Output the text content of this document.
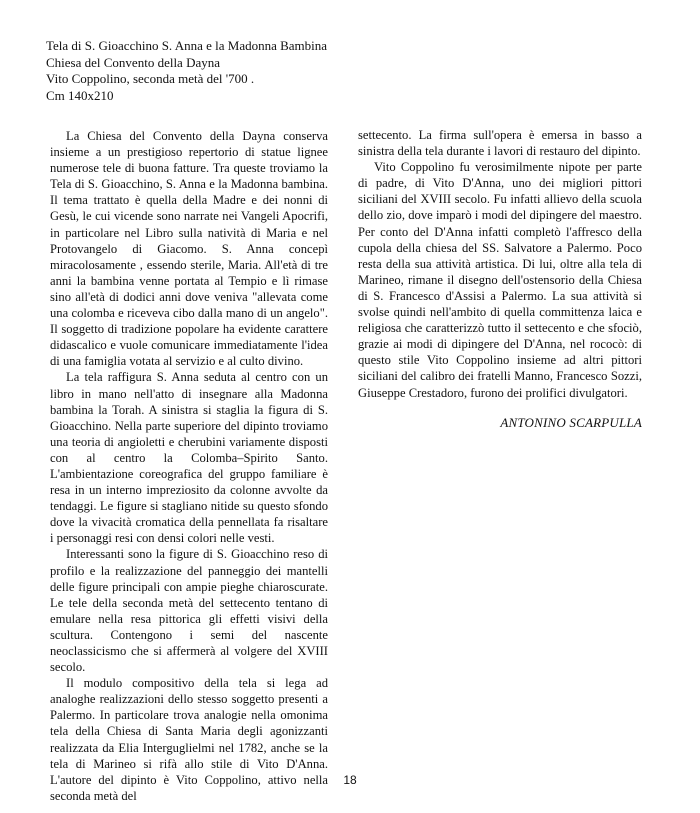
Tela di S. Gioacchino S. Anna e la Madonna Bambina
Chiesa del Convento della Dayna
Vito Coppolino, seconda metà del '700 .
Cm 140x210

La Chiesa del Convento della Dayna conserva insieme a un prestigioso repertorio di statue lignee numerose tele di buona fatture. Tra queste troviamo la Tela di S. Gioacchino, S. Anna e la Madonna bambina. Il tema trattato è quella della Madre e dei nonni di Gesù, le cui vicende sono narrate nei Vangeli Apocrifi, in particolare nel Libro sulla natività di Maria e nel Protovangelo di Giacomo. S. Anna concepì miracolosamente , essendo sterile, Maria. All'età di tre anni la bambina venne portata al Tempio e lì rimase sino all'età di dodici anni dove veniva "allevata come una colomba e riceveva cibo dalla mano di un angelo". Il soggetto di tradizione popolare ha evidente carattere didascalico e vuole comunicare immediatamente l'idea di una famiglia votata al servizio e al culto divino.

La tela raffigura S. Anna seduta al centro con un libro in mano nell'atto di insegnare alla Madonna bambina la Torah. A sinistra si staglia la figura di S. Gioacchino. Nella parte superiore del dipinto troviamo una teoria di angioletti e cherubini variamente disposti con al centro la Colomba–Spirito Santo. L'ambientazione coreografica del gruppo familiare è resa in un interno impreziosito da colonne avvolte da tendaggi. Le figure si stagliano nitide su questo sfondo dove la vivacità cromatica della pennellata fa risaltare i personaggi resi con densi colori nelle vesti.

Interessanti sono la figure di S. Gioacchino reso di profilo e la realizzazione del panneggio dei mantelli delle figure principali con ampie pieghe chiaroscurate. Le tele della seconda metà del settecento tentano di emulare nella resa pittorica gli effetti visivi della scultura. Contengono i semi del nascente neoclassicismo che si affermerà al volgere del XVIII secolo.

Il modulo compositivo della tela si lega ad analoghe realizzazioni dello stesso soggetto presenti a Palermo. In particolare trova analogie nella omonima tela della Chiesa di Santa Maria degli agonizzanti realizzata da Elia Interguglielmi nel 1782, anche se la tela di Marineo si rifà allo stile di Vito D'Anna. L'autore del dipinto è Vito Coppolino, attivo nella seconda metà del

settecento. La firma sull'opera è emersa in basso a sinistra della tela durante i lavori di restauro del dipinto.

Vito Coppolino fu verosimilmente nipote per parte di padre, di Vito D'Anna, uno dei migliori pittori siciliani del XVIII secolo. Fu infatti allievo della scuola dello zio, dove imparò i modi del dipingere del maestro. Per conto del D'Anna infatti completò l'affresco della cupola della chiesa del SS. Salvatore a Palermo. Poco resta della sua attività artistica. Di lui, oltre alla tela di Marineo, rimane il disegno dell'ostensorio della Chiesa di S. Francesco d'Assisi a Palermo. La sua attività si svolse quindi nell'ambito di quella committenza laica e religiosa che caratterizzò tutto il settecento e che sfociò, grazie ai modi di dipingere del D'Anna, nel rococò: di questo stile Vito Coppolino insieme ad altri pittori siciliani del calibro dei fratelli Manno, Francesco Sozzi, Giuseppe Crestadoro, furono dei prolifici divulgatori.

ANTONINO SCARPULLA
18
